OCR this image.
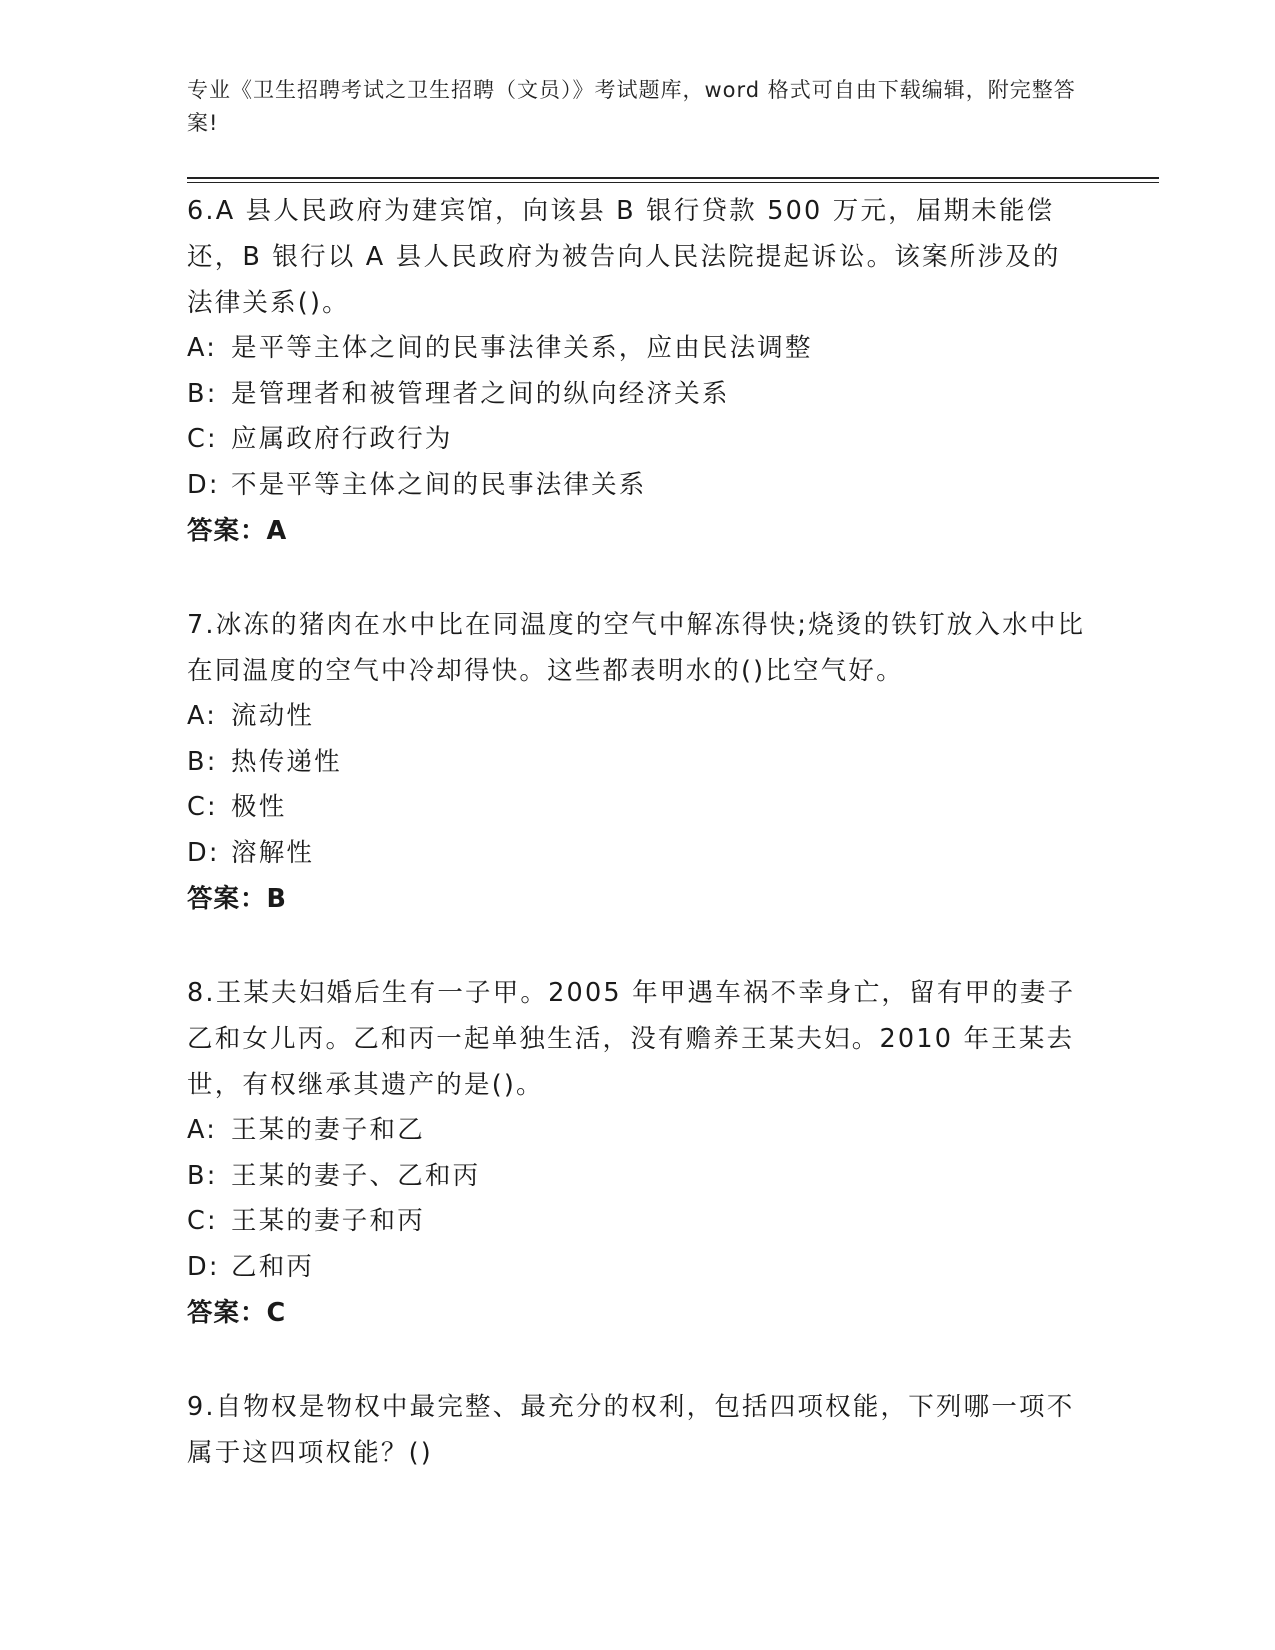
专业《卫生招聘考试之卫生招聘（文员）》考试题库，word 格式可自由下载编辑，附完整答案!

6.A 县人民政府为建宾馆，向该县 B 银行贷款 500 万元，届期未能偿还，B 银行以 A 县人民政府为被告向人民法院提起诉讼。该案所涉及的法律关系()。

A: 是平等主体之间的民事法律关系，应由民法调整

B: 是管理者和被管理者之间的纵向经济关系

C: 应属政府行政行为

D: 不是平等主体之间的民事法律关系

答案：A

7.冰冻的猪肉在水中比在同温度的空气中解冻得快;烧烫的铁钉放入水中比在同温度的空气中冷却得快。这些都表明水的()比空气好。

A: 流动性

B: 热传递性

C: 极性

D: 溶解性

答案：B

8.王某夫妇婚后生有一子甲。2005 年甲遇车祸不幸身亡，留有甲的妻子乙和女儿丙。乙和丙一起单独生活，没有赡养王某夫妇。2010 年王某去世，有权继承其遗产的是()。

A: 王某的妻子和乙

B: 王某的妻子、乙和丙

C: 王某的妻子和丙

D: 乙和丙

答案：C

9.自物权是物权中最完整、最充分的权利，包括四项权能，下列哪一项不属于这四项权能？()
